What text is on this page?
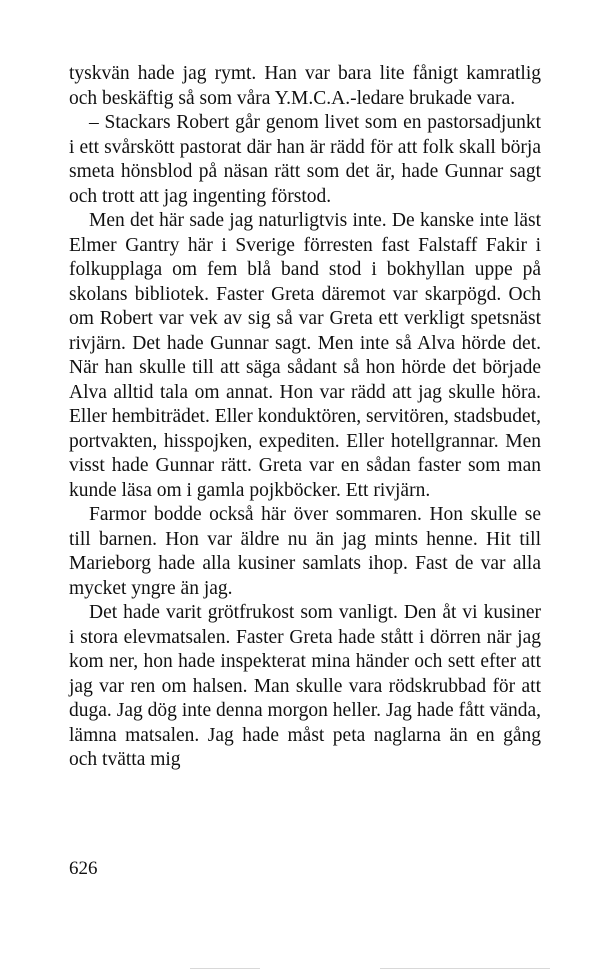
tyskvän hade jag rymt. Han var bara lite fånigt kamratlig och beskäftig så som våra Y.M.C.A.-ledare brukade vara.

– Stackars Robert går genom livet som en pastorsadjunkt i ett svårskött pastorat där han är rädd för att folk skall börja smeta hönsblod på näsan rätt som det är, hade Gunnar sagt och trott att jag ingenting förstod.

Men det här sade jag naturligtvis inte. De kanske inte läst Elmer Gantry här i Sverige förresten fast Falstaff Fakir i folkupplaga om fem blå band stod i bokhyllan uppe på skolans bibliotek. Faster Greta däremot var skarpögd. Och om Robert var vek av sig så var Greta ett verkligt spetsnäst rivjärn. Det hade Gunnar sagt. Men inte så Alva hörde det. När han skulle till att säga sådant så hon hörde det började Alva alltid tala om annat. Hon var rädd att jag skulle höra. Eller hembiträdet. Eller konduktören, servitören, stadsbudet, portvakten, hisspojken, expediten. Eller hotellgrannar. Men visst hade Gunnar rätt. Greta var en sådan faster som man kunde läsa om i gamla pojkböcker. Ett rivjärn.

Farmor bodde också här över sommaren. Hon skulle se till barnen. Hon var äldre nu än jag mints henne. Hit till Marieborg hade alla kusiner samlats ihop. Fast de var alla mycket yngre än jag.

Det hade varit grötfrukost som vanligt. Den åt vi kusiner i stora elevmatsalen. Faster Greta hade stått i dörren när jag kom ner, hon hade inspekterat mina händer och sett efter att jag var ren om halsen. Man skulle vara rödskrubbad för att duga. Jag dög inte denna morgon heller. Jag hade fått vända, lämna matsalen. Jag hade måst peta naglarna än en gång och tvätta mig

626
